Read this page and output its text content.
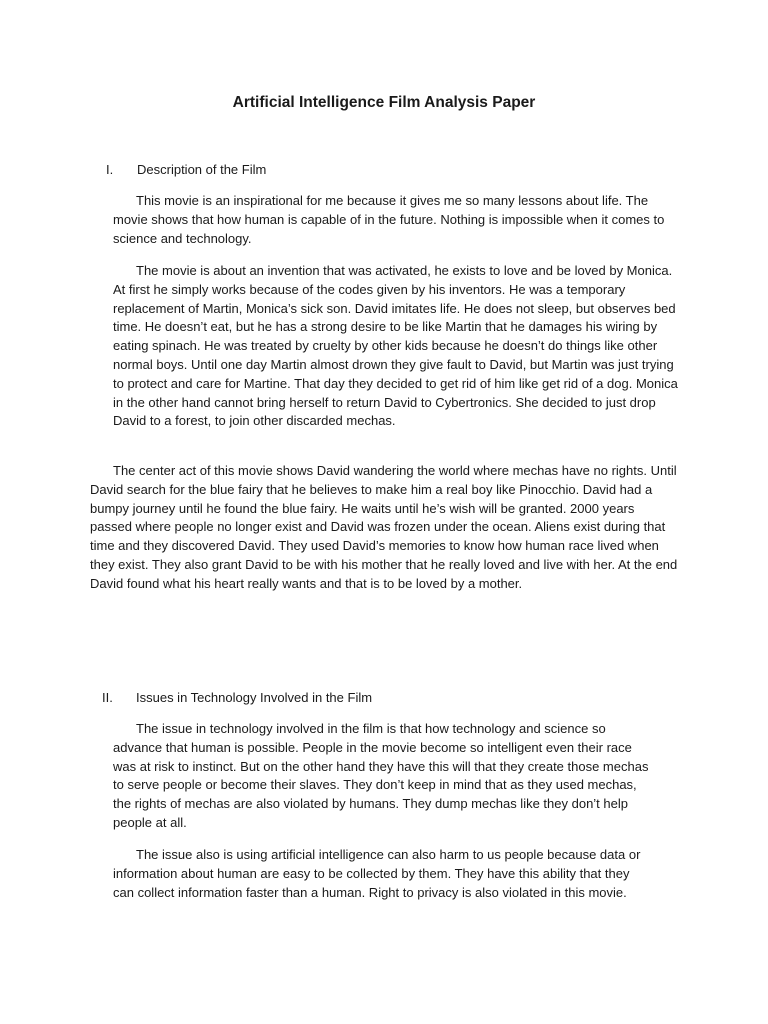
Artificial Intelligence Film Analysis Paper
I. Description of the Film

This movie is an inspirational for me because it gives me so many lessons about life. The movie shows that how human is capable of in the future. Nothing is impossible when it comes to science and technology.

The movie is about an invention that was activated, he exists to love and be loved by Monica. At first he simply works because of the codes given by his inventors. He was a temporary replacement of Martin, Monica’s sick son. David imitates life. He does not sleep, but observes bed time. He doesn’t eat, but he has a strong desire to be like Martin that he damages his wiring by eating spinach. He was treated by cruelty by other kids because he doesn’t do things like other normal boys. Until one day Martin almost drown they give fault to David, but Martin was just trying to protect and care for Martine. That day they decided to get rid of him like get rid of a dog. Monica in the other hand cannot bring herself to return David to Cybertronics. She decided to just drop David to a forest, to join other discarded mechas.

The center act of this movie shows David wandering the world where mechas have no rights. Until David search for the blue fairy that he believes to make him a real boy like Pinocchio. David had a bumpy journey until he found the blue fairy. He waits until he’s wish will be granted. 2000 years passed where people no longer exist and David was frozen under the ocean. Aliens exist during that time and they discovered David. They used David’s memories to know how human race lived when they exist. They also grant David to be with his mother that he really loved and live with her. At the end David found what his heart really wants and that is to be loved by a mother.

II. Issues in Technology Involved in the Film

The issue in technology involved in the film is that how technology and science so advance that human is possible. People in the movie become so intelligent even their race was at risk to instinct. But on the other hand they have this will that they create those mechas to serve people or become their slaves. They don’t keep in mind that as they used mechas, the rights of mechas are also violated by humans. They dump mechas like they don’t help people at all.

The issue also is using artificial intelligence can also harm to us people because data or information about human are easy to be collected by them. They have this ability that they can collect information faster than a human. Right to privacy is also violated in this movie.
